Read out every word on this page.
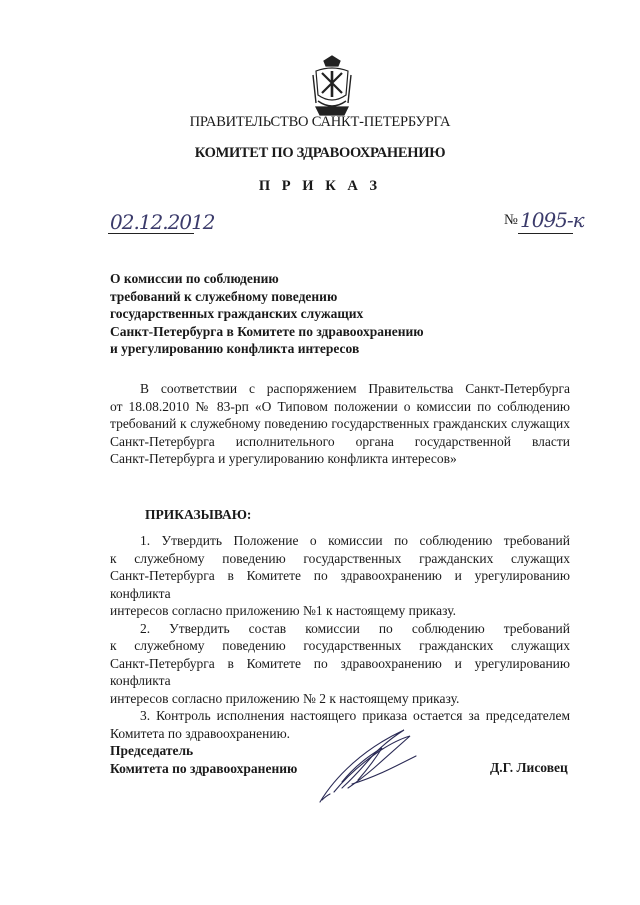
ПРАВИТЕЛЬСТВО САНКТ-ПЕТЕРБУРГА
КОМИТЕТ ПО ЗДРАВООХРАНЕНИЮ
П Р И К А З
02.12.2012	№ 1095-к
О комиссии по соблюдению
требований к служебному поведению
государственных гражданских служащих
Санкт-Петербурга в Комитете по здравоохранению
и урегулированию конфликта интересов
В соответствии с распоряжением Правительства Санкт-Петербурга
от 18.08.2010 № 83-рп «О Типовом положении о комиссии по соблюдению
требований к служебному поведению государственных гражданских служащих
Санкт-Петербурга исполнительного органа государственной власти
Санкт-Петербурга и урегулированию конфликта интересов»
ПРИКАЗЫВАЮ:
1. Утвердить Положение о комиссии по соблюдению требований
к служебному поведению государственных гражданских служащих
Санкт-Петербурга в Комитете по здравоохранению и урегулированию конфликта
интересов согласно приложению №1 к настоящему приказу.
2. Утвердить состав комиссии по соблюдению требований
к служебному поведению государственных гражданских служащих
Санкт-Петербурга в Комитете по здравоохранению и урегулированию конфликта
интересов согласно приложению № 2 к настоящему приказу.
3. Контроль исполнения настоящего приказа остается за председателем
Комитета по здравоохранению.
Председатель
Комитета по здравоохранению	Д.Г. Лисовец
